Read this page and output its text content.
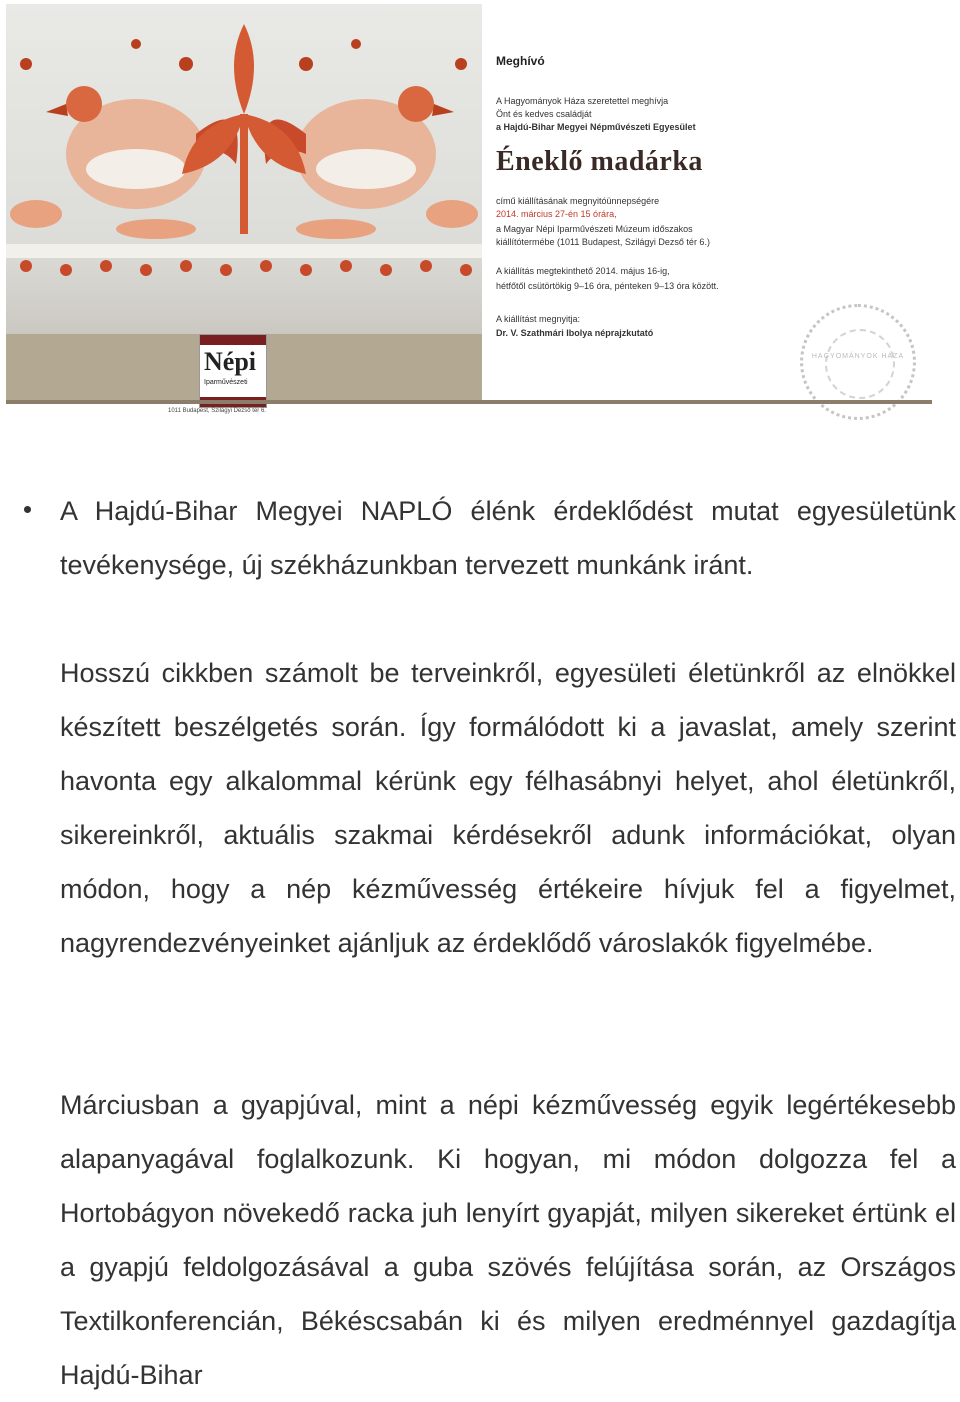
Meghívó
A Hagyományok Háza szeretettel meghívja
Önt és kedves családját
a Hajdú-Bihar Megyei Népművészeti Egyesület
Éneklő madárka
című kiállításának megnyitóünnepségére
2014. március 27-én 15 órára,
a Magyar Népi Iparművészeti Múzeum időszakos
kiállítótermébe (1011 Budapest, Szilágyi Dezső tér 6.)
A kiállítás megtekinthető 2014. május 16-ig,
hétfőtől csütörtökig 9–16 óra, pénteken 9–13 óra között.
A kiállítást megnyitja:
Dr. V. Szathmári Ibolya néprajzkutató
HAGYOMÁNYOK HÁZA
Népi
Iparművészeti
1011 Budapest, Szilágyi Dezső tér 6.
A Hajdú-Bihar Megyei NAPLÓ élénk érdeklődést mutat egyesületünk tevékenysége, új székházunkban tervezett munkánk iránt.
Hosszú cikkben számolt be terveinkről, egyesületi életünkről az elnökkel készített beszélgetés során. Így formálódott ki a javaslat, amely szerint havonta egy alkalommal kérünk egy félhasábnyi helyet, ahol életünkről, sikereinkről, aktuális szakmai kérdésekről adunk információkat, olyan módon, hogy a nép kézművesség értékeire hívjuk fel a figyelmet, nagyrendezvényeinket ajánljuk az érdeklődő városlakók figyelmébe.
Márciusban a gyapjúval, mint a népi kézművesség egyik legértékesebb alapanyagával foglalkozunk. Ki hogyan, mi módon dolgozza fel a Hortobágyon növekedő racka juh lenyírt gyapját, milyen sikereket értünk el a gyapjú feldolgozásával a guba szövés felújítása során, az Országos Textilkonferencián, Békéscsabán ki és milyen eredménnyel gazdagítja Hajdú-Bihar
